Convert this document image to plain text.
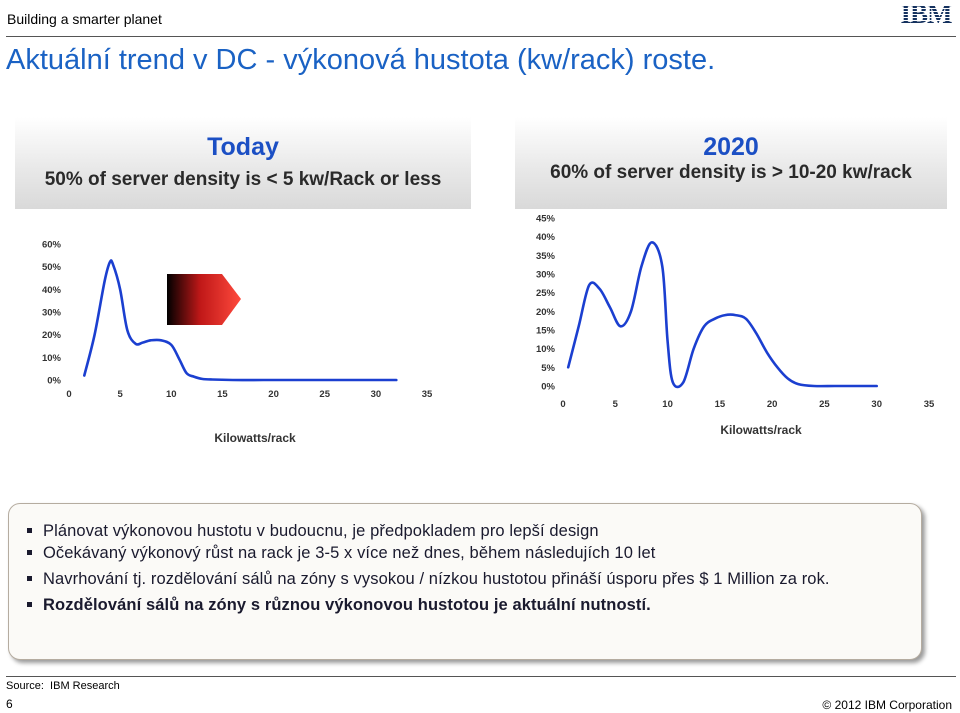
Building a smarter planet	IBM
Aktuální trend v DC - výkonová hustota (kw/rack) roste.
Today
50% of server density is < 5 kw/Rack or less
2020
60% of server density is > 10-20 kw/rack
0	5	10	15	20	25	30	35
0%
10%
20%
30%
40%
50%
60%
Kilowatts/rack
0	5	10	15	20	25	30	35
0%
5%
10%
15%
20%
25%
30%
35%
40%
45%
Kilowatts/rack
Plánovat výkonovou hustotu v budoucnu, je předpokladem pro lepší design
Očekávaný výkonový růst na rack je 3-5 x více než dnes, během následujích 10 let
Navrhování tj. rozdělování sálů na zóny s vysokou / nízkou hustotou přináší úsporu přes $ 1 Million za rok.
Rozdělování sálů na zóny s různou výkonovou hustotou je aktuální nutností.
Source: IBM Research
6	© 2012 IBM Corporation
